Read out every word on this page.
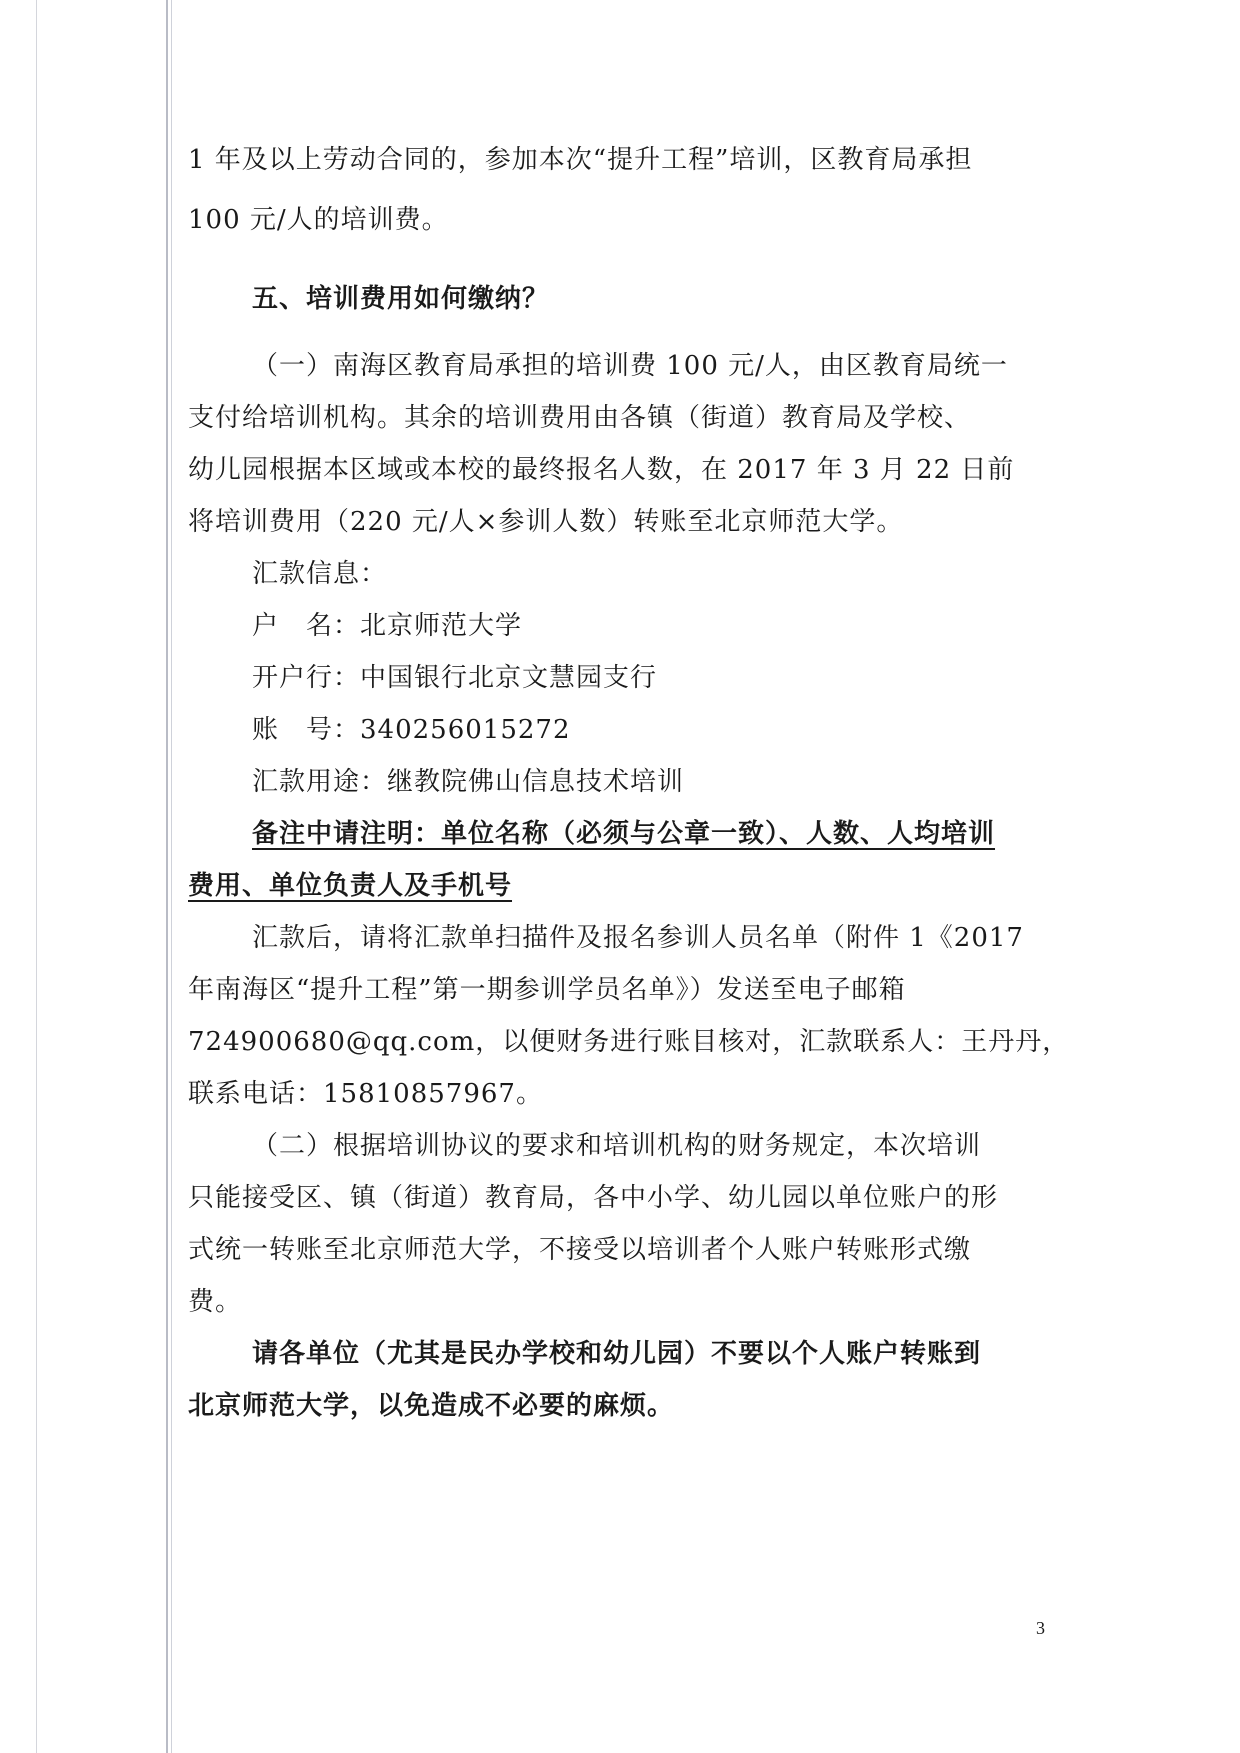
1 年及以上劳动合同的，参加本次“提升工程”培训，区教育局承担
100 元/人的培训费。
五、培训费用如何缴纳？
（一）南海区教育局承担的培训费 100 元/人，由区教育局统一
支付给培训机构。其余的培训费用由各镇（街道）教育局及学校、
幼儿园根据本区域或本校的最终报名人数，在 2017 年 3 月 22 日前
将培训费用（220 元/人×参训人数）转账至北京师范大学。
汇款信息：
户　名：北京师范大学
开户行：中国银行北京文慧园支行
账　号：340256015272
汇款用途：继教院佛山信息技术培训
备注中请注明：单位名称（必须与公章一致）、人数、人均培训
费用、单位负责人及手机号
汇款后，请将汇款单扫描件及报名参训人员名单（附件 1《2017
年南海区“提升工程”第一期参训学员名单》）发送至电子邮箱
724900680@qq.com，以便财务进行账目核对，汇款联系人：王丹丹，
联系电话：15810857967。
（二）根据培训协议的要求和培训机构的财务规定，本次培训
只能接受区、镇（街道）教育局，各中小学、幼儿园以单位账户的形
式统一转账至北京师范大学，不接受以培训者个人账户转账形式缴
费。
请各单位（尤其是民办学校和幼儿园）不要以个人账户转账到
北京师范大学，以免造成不必要的麻烦。
3
